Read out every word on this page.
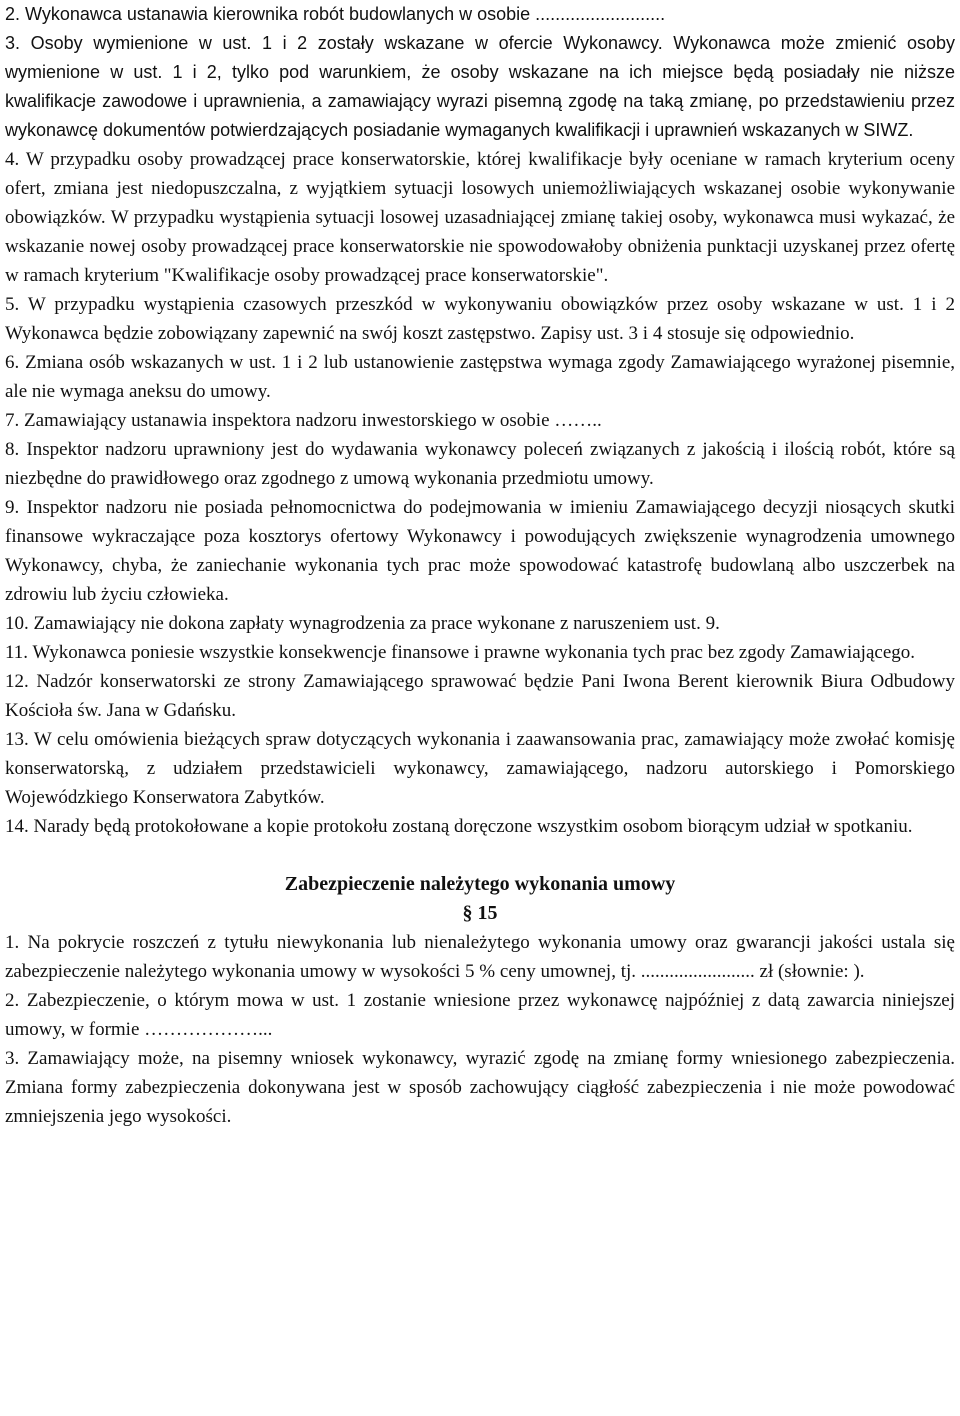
2. Wykonawca ustanawia kierownika robót budowlanych w osobie ..........................

3. Osoby wymienione w ust. 1 i 2 zostały wskazane w ofercie Wykonawcy. Wykonawca może zmienić osoby wymienione w ust. 1 i 2, tylko pod warunkiem, że osoby wskazane na ich miejsce będą posiadały nie niższe kwalifikacje zawodowe i uprawnienia, a zamawiający wyrazi pisemną zgodę na taką zmianę, po przedstawieniu przez wykonawcę dokumentów potwierdzających posiadanie wymaganych kwalifikacji i uprawnień wskazanych w SIWZ.

4. W przypadku osoby prowadzącej prace konserwatorskie, której kwalifikacje były oceniane w ramach kryterium oceny ofert, zmiana jest niedopuszczalna, z wyjątkiem sytuacji losowych uniemożliwiających wskazanej osobie wykonywanie obowiązków. W przypadku wystąpienia sytuacji losowej uzasadniającej zmianę takiej osoby, wykonawca musi wykazać, że wskazanie nowej osoby prowadzącej prace konserwatorskie nie spowodowałoby obniżenia punktacji uzyskanej przez ofertę w ramach kryterium "Kwalifikacje osoby prowadzącej prace konserwatorskie".

5. W przypadku wystąpienia czasowych przeszkód w wykonywaniu obowiązków przez osoby wskazane w ust. 1 i 2 Wykonawca będzie zobowiązany zapewnić na swój koszt zastępstwo. Zapisy ust. 3 i 4 stosuje się odpowiednio.

6. Zmiana osób wskazanych w ust. 1 i 2 lub ustanowienie zastępstwa wymaga zgody Zamawiającego wyrażonej pisemnie, ale nie wymaga aneksu do umowy.

7. Zamawiający ustanawia inspektora nadzoru inwestorskiego w osobie ……..

8. Inspektor nadzoru uprawniony jest do wydawania wykonawcy poleceń związanych z jakością i ilością robót, które są niezbędne do prawidłowego oraz zgodnego z umową wykonania przedmiotu umowy.

9. Inspektor nadzoru nie posiada pełnomocnictwa do podejmowania w imieniu Zamawiającego decyzji niosących skutki finansowe wykraczające poza kosztorys ofertowy Wykonawcy i powodujących zwiększenie wynagrodzenia umownego Wykonawcy, chyba, że zaniechanie wykonania tych prac może spowodować katastrofę budowlaną albo uszczerbek na zdrowiu lub życiu człowieka.

10. Zamawiający nie dokona zapłaty wynagrodzenia za prace wykonane z naruszeniem ust. 9.

11. Wykonawca poniesie wszystkie konsekwencje finansowe i prawne wykonania tych prac bez zgody Zamawiającego.

12. Nadzór konserwatorski ze strony Zamawiającego sprawować będzie Pani Iwona Berent kierownik Biura Odbudowy Kościoła św. Jana w Gdańsku.

13. W celu omówienia bieżących spraw dotyczących wykonania i zaawansowania prac, zamawiający może zwołać komisję konserwatorską, z udziałem przedstawicieli wykonawcy, zamawiającego, nadzoru autorskiego i Pomorskiego Wojewódzkiego Konserwatora Zabytków.

14. Narady będą protokołowane a kopie protokołu zostaną doręczone wszystkim osobom biorącym udział w spotkaniu.

Zabezpieczenie należytego wykonania umowy

§ 15

1. Na pokrycie roszczeń z tytułu niewykonania lub nienależytego wykonania umowy oraz gwarancji jakości ustala się zabezpieczenie należytego wykonania umowy w wysokości 5 % ceny umownej, tj. ........................ zł (słownie: ).

2. Zabezpieczenie, o którym mowa w ust. 1 zostanie wniesione przez wykonawcę najpóźniej z datą zawarcia niniejszej umowy, w formie ………………...

3. Zamawiający może, na pisemny wniosek wykonawcy, wyrazić zgodę na zmianę formy wniesionego zabezpieczenia. Zmiana formy zabezpieczenia dokonywana jest w sposób zachowujący ciągłość zabezpieczenia i nie może powodować zmniejszenia jego wysokości.
